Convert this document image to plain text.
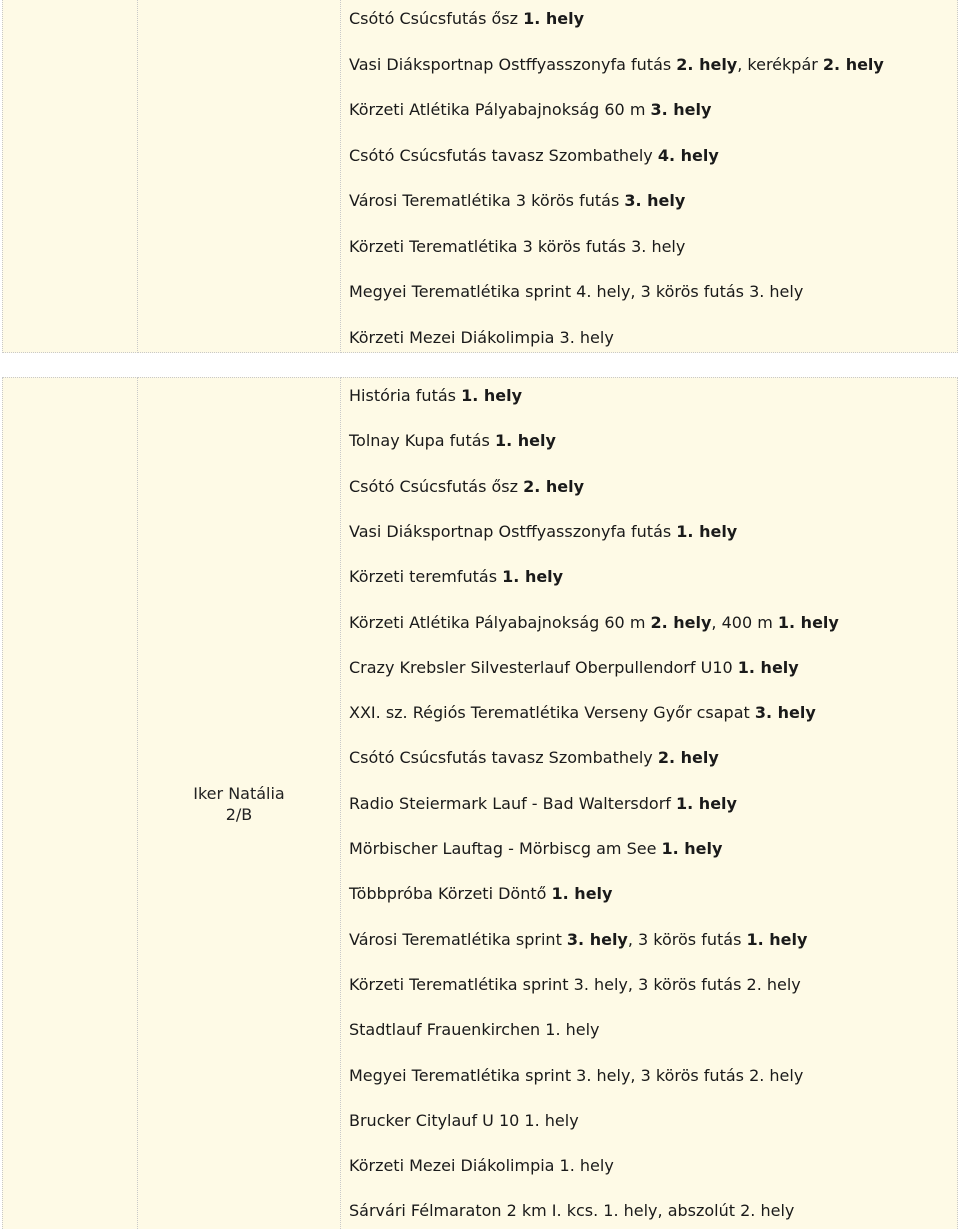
Csótó Csúcsfutás ősz 1. hely
Vasi Diáksportnap Ostffyasszonyfa futás 2. hely, kerékpár 2. hely
Körzeti Atlétika Pályabajnokság 60 m 3. hely
Csótó Csúcsfutás tavasz Szombathely 4. hely
Városi Terematlétika 3 körös futás 3. hely
Körzeti Terematlétika 3 körös futás 3. hely
Megyei Terematlétika sprint 4. hely, 3 körös futás 3. hely
Körzeti Mezei Diákolimpia 3. hely
Iker Natália
2/B
História futás 1. hely
Tolnay Kupa futás 1. hely
Csótó Csúcsfutás ősz 2. hely
Vasi Diáksportnap Ostffyasszonyfa futás 1. hely
Körzeti teremfutás 1. hely
Körzeti Atlétika Pályabajnokság 60 m 2. hely, 400 m 1. hely
Crazy Krebsler Silvesterlauf Oberpullendorf U10 1. hely
XXI. sz. Régiós Terematlétika Verseny Győr csapat 3. hely
Csótó Csúcsfutás tavasz Szombathely 2. hely
Radio Steiermark Lauf - Bad Waltersdorf 1. hely
Mörbischer Lauftag - Mörbiscg am See 1. hely
Többpróba Körzeti Döntő 1. hely
Városi Terematlétika sprint 3. hely, 3 körös futás 1. hely
Körzeti Terematlétika sprint 3. hely, 3 körös futás 2. hely
Stadtlauf Frauenkirchen 1. hely
Megyei Terematlétika sprint 3. hely, 3 körös futás 2. hely
Brucker Citylauf U 10 1. hely
Körzeti Mezei Diákolimpia 1. hely
Sárvári Félmaraton 2 km I. kcs. 1. hely, abszolút 2. hely
